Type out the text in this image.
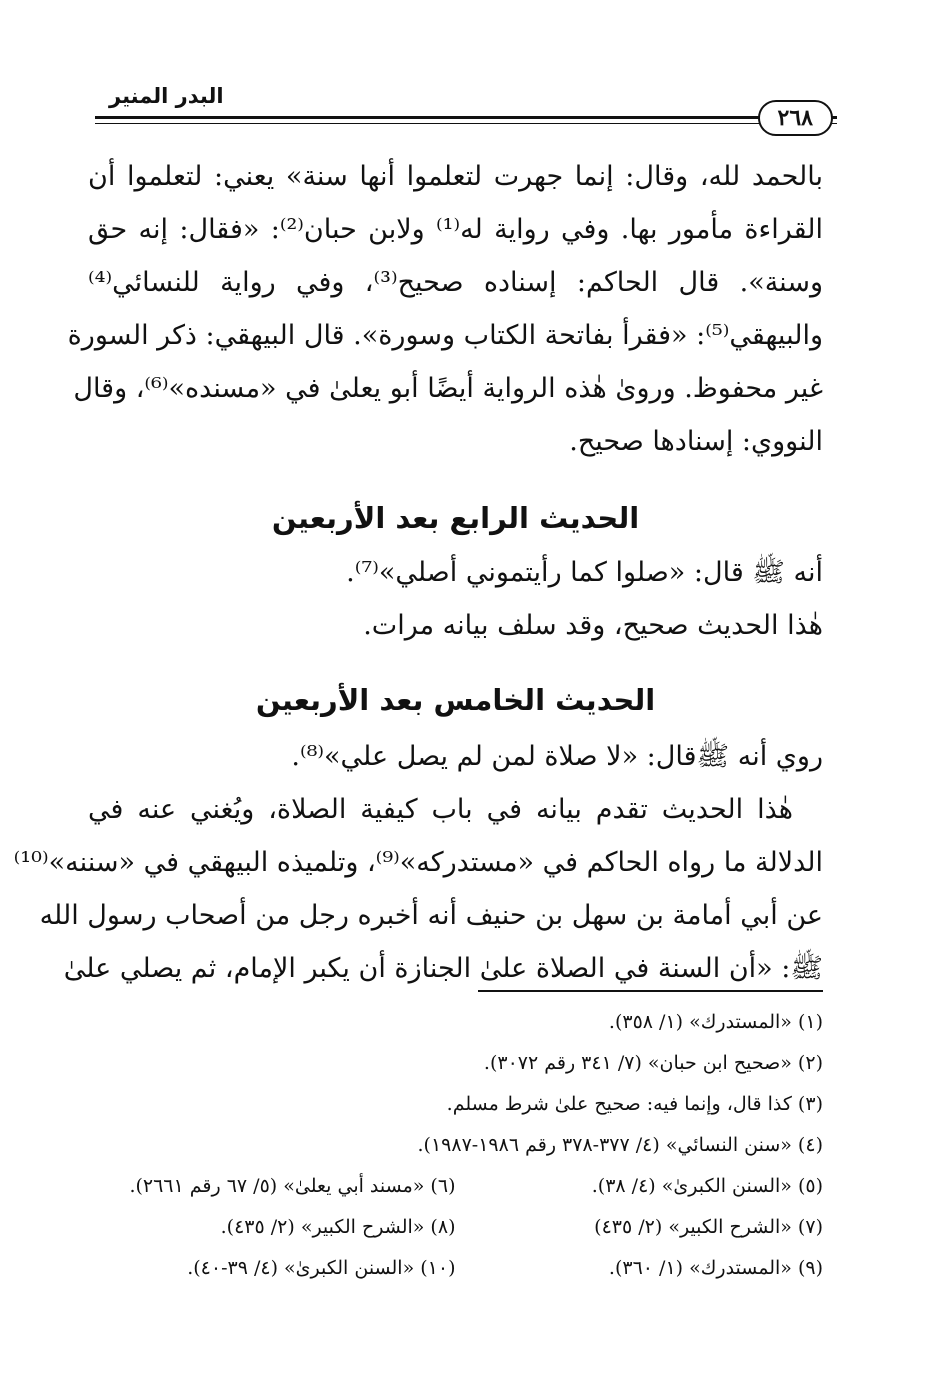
البدر المنير
٢٦٨

بالحمد لله، وقال: إنما جهرت لتعلموا أنها سنة» يعني: لتعلموا أن

القراءة مأمور بها. وفي رواية له⁽¹⁾ ولابن حبان⁽²⁾: «فقال: إنه حق

وسنة». قال الحاكم: إسناده صحيح⁽³⁾، وفي رواية للنسائي⁽⁴⁾

والبيهقي⁽⁵⁾: «فقرأ بفاتحة الكتاب وسورة». قال البيهقي: ذكر السورة

غير محفوظ. وروىٰ هٰذه الرواية أيضًا أبو يعلىٰ في «مسنده»⁽⁶⁾، وقال

النووي: إسنادها صحيح.

الحديث الرابع بعد الأربعين

أنه ﷺ قال: «صلوا كما رأيتموني أصلي»⁽⁷⁾.

هٰذا الحديث صحيح، وقد سلف بيانه مرات.

الحديث الخامس بعد الأربعين

روي أنه ﷺقال: «لا صلاة لمن لم يصل علي»⁽⁸⁾.

هٰذا الحديث تقدم بيانه في باب كيفية الصلاة، ويُغني عنه في

الدلالة ما رواه الحاكم في «مستدركه»⁽⁹⁾، وتلميذه البيهقي في «سننه»⁽¹⁰⁾

عن أبي أمامة بن سهل بن حنيف أنه أخبره رجل من أصحاب رسول الله

ﷺ: «أن السنة في الصلاة علىٰ الجنازة أن يكبر الإمام، ثم يصلي علىٰ

(١) «المستدرك» (١/ ٣٥٨).
(٢) «صحيح ابن حبان» (٧/ ٣٤١ رقم ٣٠٧٢).
(٣) كذا قال، وإنما فيه: صحيح علىٰ شرط مسلم.
(٤) «سنن النسائي» (٤/ ٣٧٧-٣٧٨ رقم ١٩٨٦-١٩٨٧).
(٥) «السنن الكبرىٰ» (٤/ ٣٨).
(٦) «مسند أبي يعلىٰ» (٥/ ٦٧ رقم ٢٦٦١).
(٧) «الشرح الكبير» (٢/ ٤٣٥)
(٨) «الشرح الكبير» (٢/ ٤٣٥).
(٩) «المستدرك» (١/ ٣٦٠).
(١٠) «السنن الكبرىٰ» (٤/ ٣٩-٤٠).
